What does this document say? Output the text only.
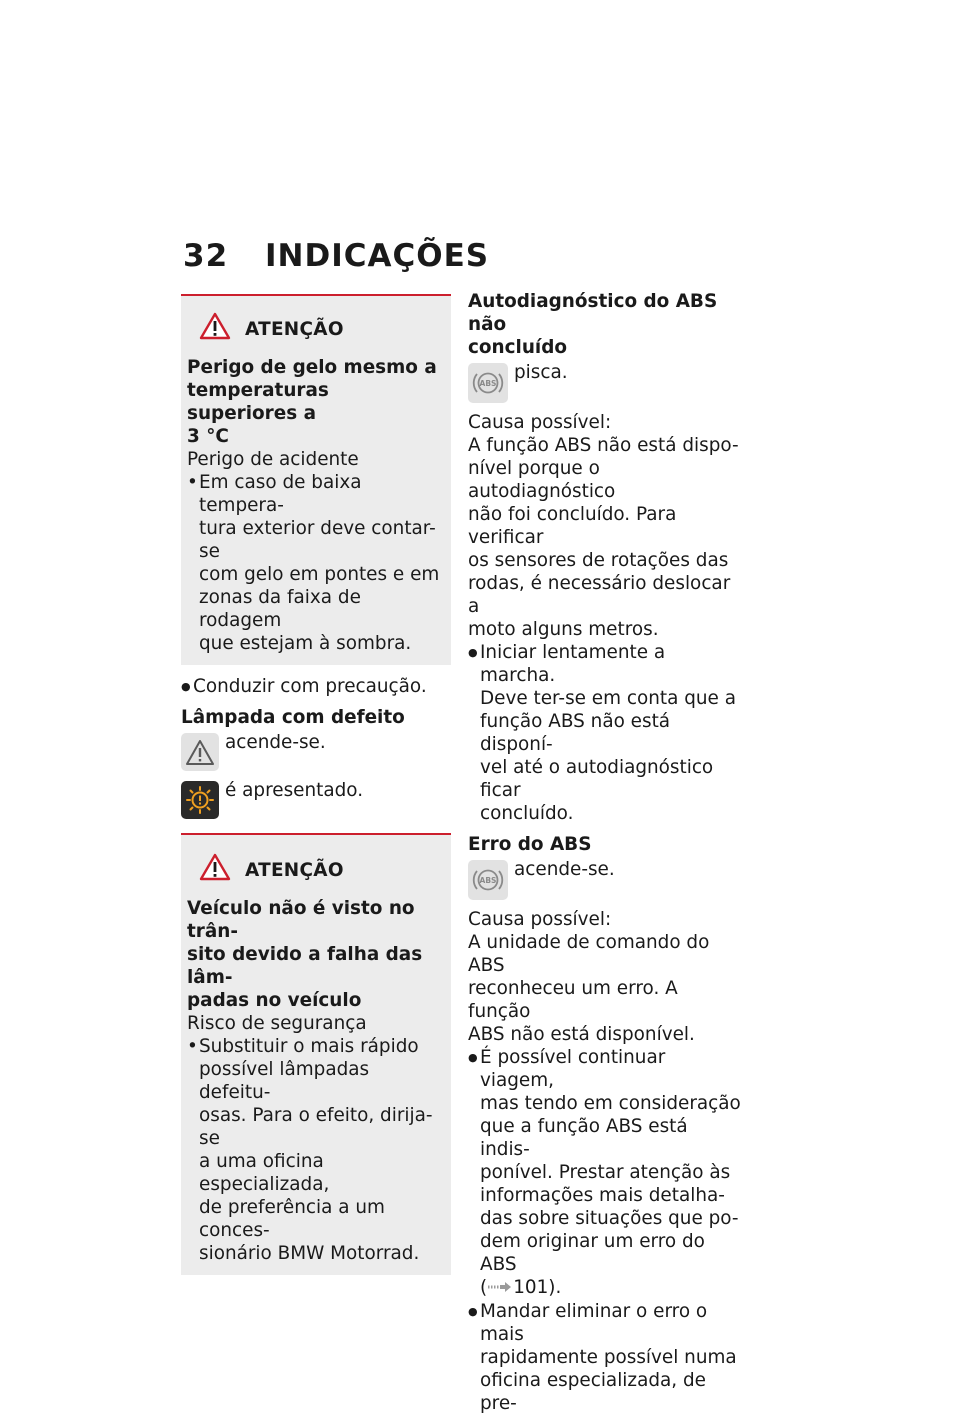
32 INDICAÇÕES
ATENÇÃO
Perigo de gelo mesmo a
temperaturas superiores a
3 °C
Perigo de acidente
• Em caso de baixa tempera-
tura exterior deve contar-se
com gelo em pontes e em
zonas da faixa de rodagem
que estejam à sombra.
● Conduzir com precaução.
Lâmpada com defeito
acende-se.
é apresentado.
ATENÇÃO
Veículo não é visto no trân-
sito devido a falha das lâm-
padas no veículo
Risco de segurança
• Substituir o mais rápido
possível lâmpadas defeitu-
osas. Para o efeito, dirija-se
a uma oficina especializada,
de preferência a um conces-
sionário BMW Motorrad.
Autodiagnóstico do ABS não
concluído
ABS
pisca.
Causa possível:
A função ABS não está dispo-
nível porque o autodiagnóstico
não foi concluído. Para verificar
os sensores de rotações das
rodas, é necessário deslocar a
moto alguns metros.
● Iniciar lentamente a marcha.
Deve ter-se em conta que a
função ABS não está disponí-
vel até o autodiagnóstico ficar
concluído.
Erro do ABS
ABS
acende-se.
Causa possível:
A unidade de comando do ABS
reconheceu um erro. A função
ABS não está disponível.
● É possível continuar viagem,
mas tendo em consideração
que a função ABS está indis-
ponível. Prestar atenção às
informações mais detalha-
das sobre situações que po-
dem originar um erro do ABS
( 101).
● Mandar eliminar o erro o mais
rapidamente possível numa
oficina especializada, de pre-
